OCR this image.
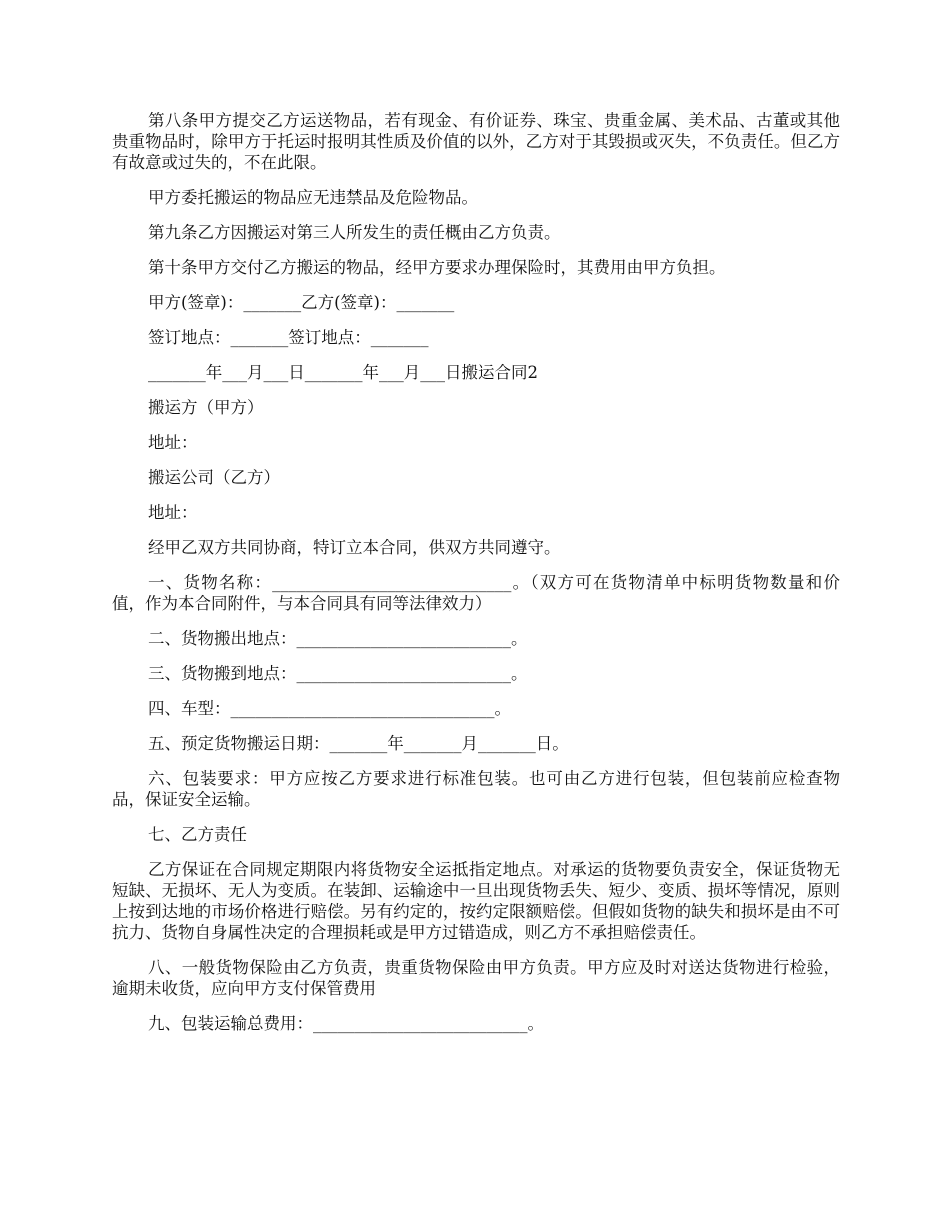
第八条甲方提交乙方运送物品，若有现金、有价证券、珠宝、贵重金属、美术品、古董或其他贵重物品时，除甲方于托运时报明其性质及价值的以外，乙方对于其毁损或灭失，不负责任。但乙方有故意或过失的，不在此限。

甲方委托搬运的物品应无违禁品及危险物品。

第九条乙方因搬运对第三人所发生的责任概由乙方负责。

第十条甲方交付乙方搬运的物品，经甲方要求办理保险时，其费用由甲方负担。

甲方(签章)：_______乙方(签章)：_______

签订地点：_______签订地点：_______

_______年___月___日_______年___月___日搬运合同2

搬运方（甲方）

地址：

搬运公司（乙方）

地址：

经甲乙双方共同协商，特订立本合同，供双方共同遵守。

一、货物名称：_____________________________。（双方可在货物清单中标明货物数量和价值，作为本合同附件，与本合同具有同等法律效力）

二、货物搬出地点：__________________________。

三、货物搬到地点：__________________________。

四、车型：________________________________。

五、预定货物搬运日期：_______年_______月_______日。

六、包装要求：甲方应按乙方要求进行标准包装。也可由乙方进行包装，但包装前应检查物品，保证安全运输。

七、乙方责任

乙方保证在合同规定期限内将货物安全运抵指定地点。对承运的货物要负责安全，保证货物无短缺、无损坏、无人为变质。在装卸、运输途中一旦出现货物丢失、短少、变质、损坏等情况，原则上按到达地的市场价格进行赔偿。另有约定的，按约定限额赔偿。但假如货物的缺失和损坏是由不可抗力、货物自身属性决定的合理损耗或是甲方过错造成，则乙方不承担赔偿责任。

八、一般货物保险由乙方负责，贵重货物保险由甲方负责。甲方应及时对送达货物进行检验，逾期未收货，应向甲方支付保管费用

九、包装运输总费用：__________________________。
